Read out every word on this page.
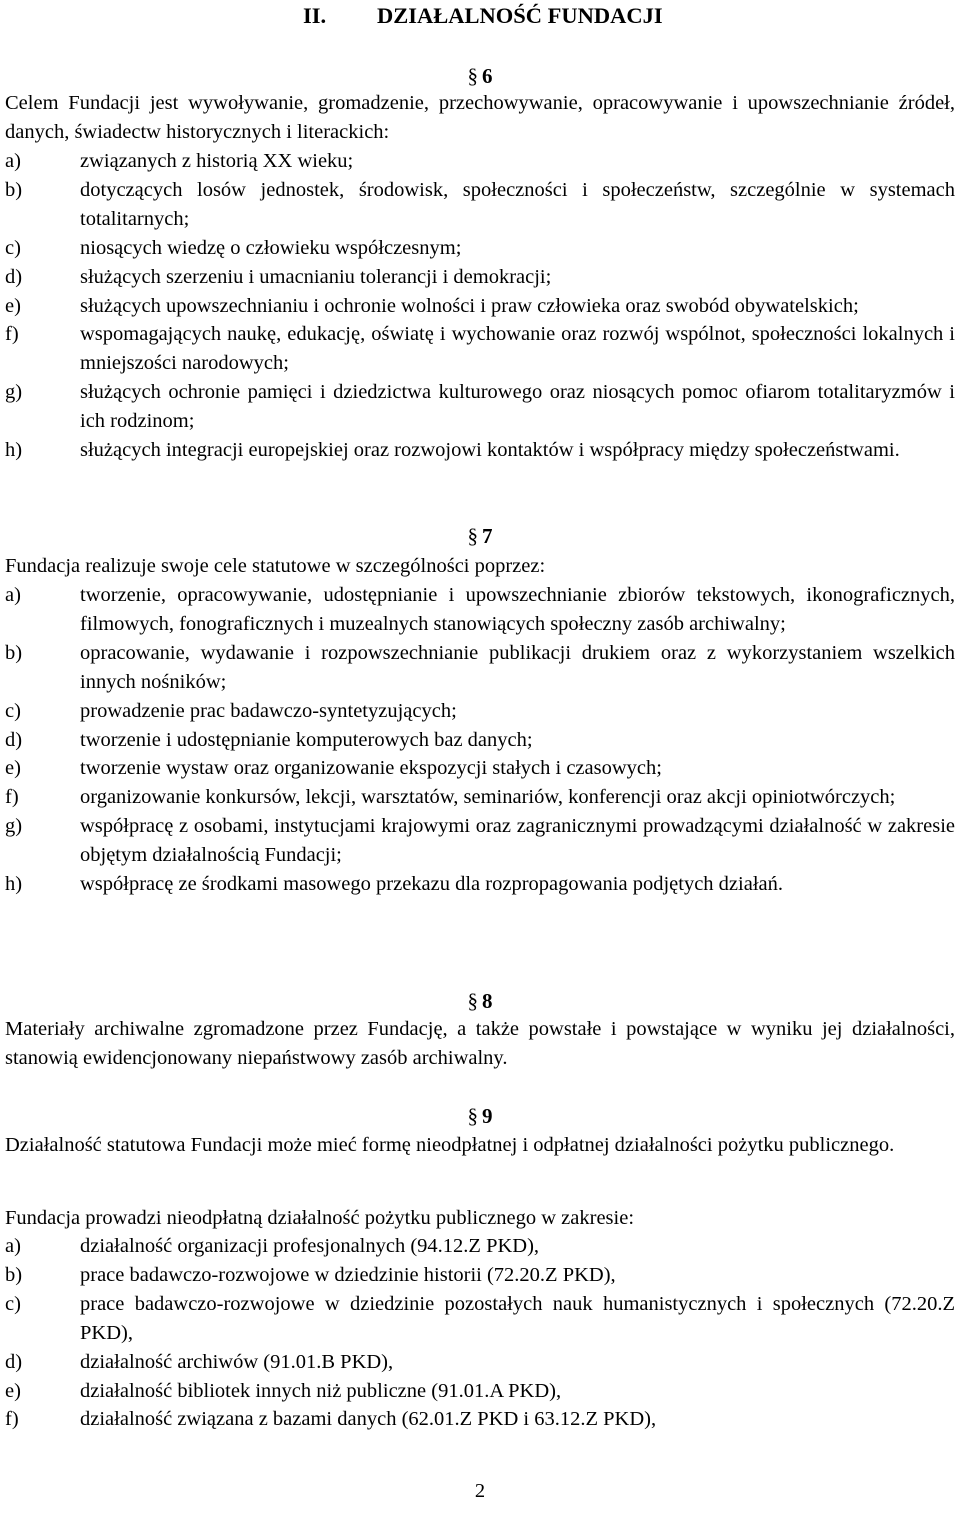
II. DZIAŁALNOŚĆ FUNDACJI
§ 6
Celem Fundacji jest wywoływanie, gromadzenie, przechowywanie, opracowywanie i upowszechnianie źródeł, danych, świadectw historycznych i literackich:
a)	związanych z historią XX wieku;
b)	dotyczących losów jednostek, środowisk, społeczności i społeczeństw, szczególnie w systemach totalitarnych;
c)	niosących wiedzę o człowieku współczesnym;
d)	służących szerzeniu i umacnianiu tolerancji i demokracji;
e)	służących upowszechnianiu i ochronie wolności i praw człowieka oraz swobód obywatelskich;
f)	wspomagających naukę, edukację, oświatę i wychowanie oraz rozwój wspólnot, społeczności lokalnych i mniejszości narodowych;
g)	służących ochronie pamięci i dziedzictwa kulturowego oraz niosących pomoc ofiarom totalitaryzmów i ich rodzinom;
h)	służących integracji europejskiej oraz rozwojowi kontaktów i współpracy między społeczeństwami.
§ 7
Fundacja realizuje swoje cele statutowe w szczególności poprzez:
a)	tworzenie, opracowywanie, udostępnianie i upowszechnianie zbiorów tekstowych, ikonograficznych, filmowych, fonograficznych i muzealnych stanowiących społeczny zasób archiwalny;
b)	opracowanie, wydawanie i rozpowszechnianie publikacji drukiem oraz z wykorzystaniem wszelkich innych nośników;
c)	prowadzenie prac badawczo-syntetyzujących;
d)	tworzenie i udostępnianie komputerowych baz danych;
e)	tworzenie wystaw oraz organizowanie ekspozycji stałych i czasowych;
f)	organizowanie konkursów, lekcji, warsztatów, seminariów, konferencji oraz akcji opiniotwórczych;
g)	współpracę z osobami, instytucjami krajowymi oraz zagranicznymi prowadzącymi działalność w zakresie objętym działalnością Fundacji;
h)	współpracę ze środkami masowego przekazu dla rozpropagowania podjętych działań.
§ 8
Materiały archiwalne zgromadzone przez Fundację, a także powstałe i powstające w wyniku jej działalności, stanowią ewidencjonowany niepaństwowy zasób archiwalny.
§ 9
Działalność statutowa Fundacji może mieć formę nieodpłatnej i odpłatnej działalności pożytku publicznego.
Fundacja prowadzi nieodpłatną działalność pożytku publicznego w zakresie:
a)	działalność organizacji profesjonalnych (94.12.Z PKD),
b)	prace badawczo-rozwojowe w dziedzinie historii (72.20.Z PKD),
c)	prace badawczo-rozwojowe w dziedzinie pozostałych nauk humanistycznych i społecznych (72.20.Z PKD),
d)	działalność archiwów (91.01.B PKD),
e)	działalność bibliotek innych niż publiczne (91.01.A PKD),
f)	działalność związana z bazami danych (62.01.Z PKD i 63.12.Z PKD),
2
